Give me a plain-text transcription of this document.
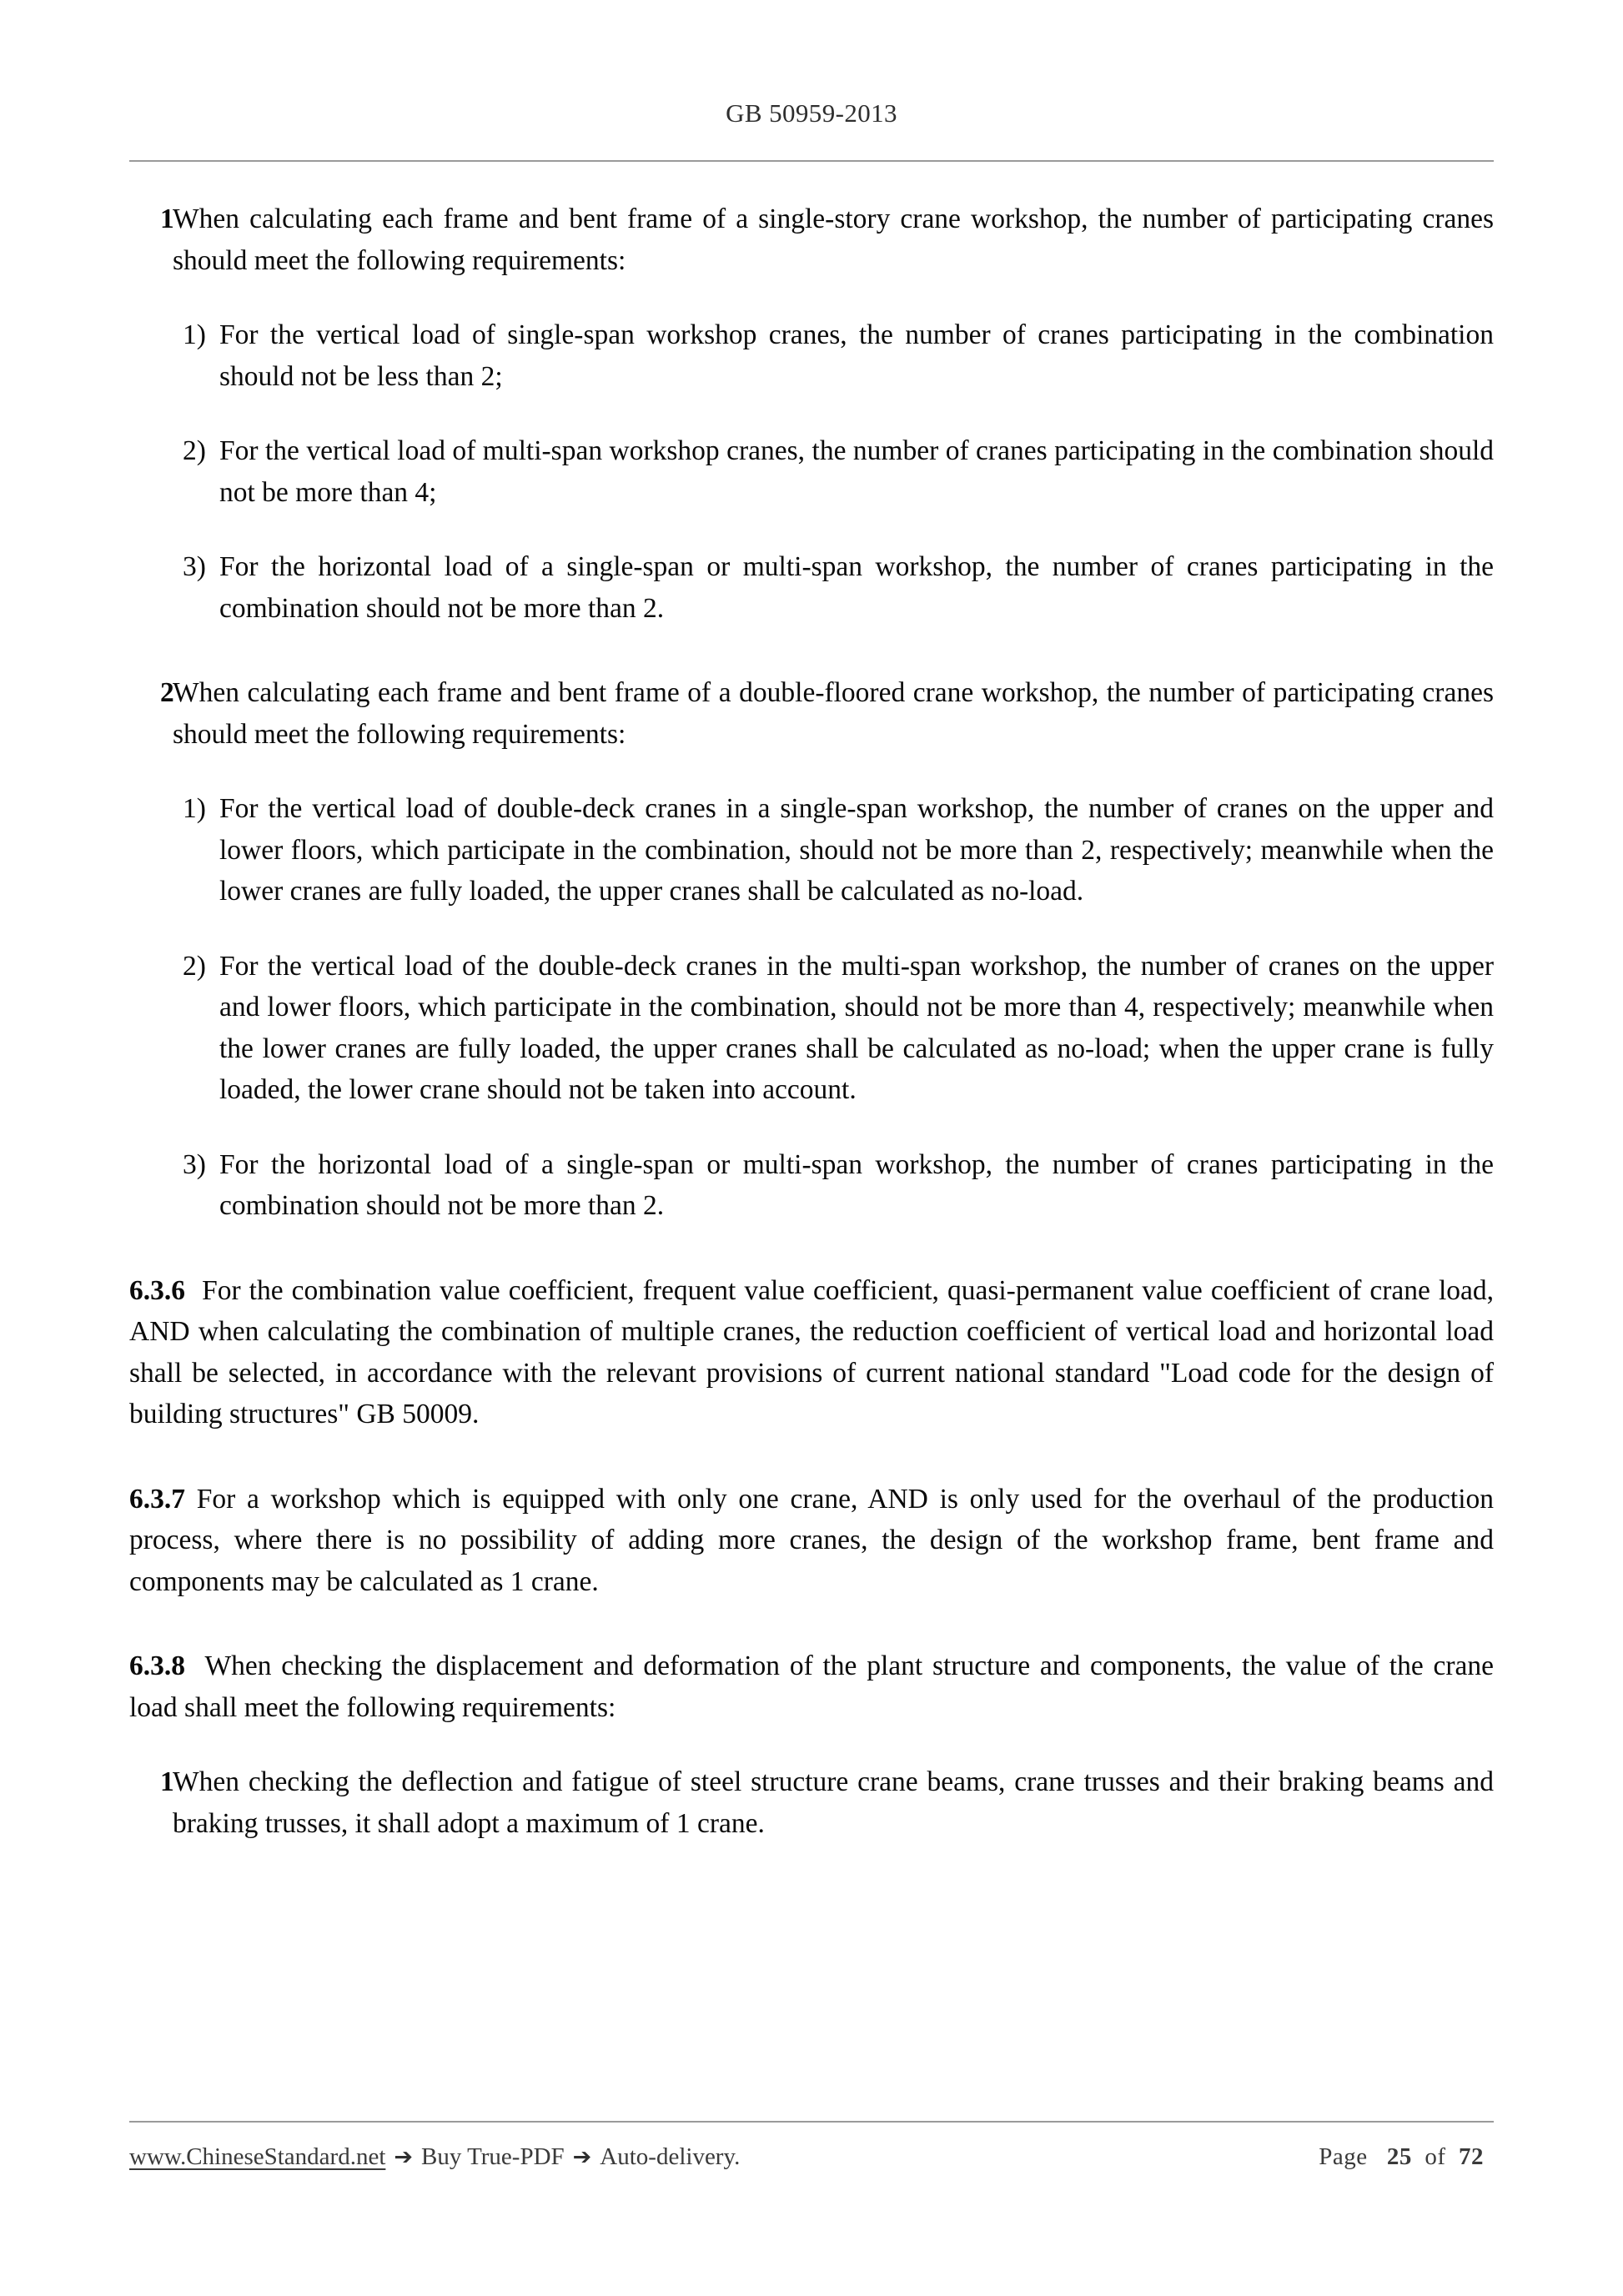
GB 50959-2013
1
When calculating each frame and bent frame of a single-story crane workshop, the number of participating cranes should meet the following requirements:
1) For the vertical load of single-span workshop cranes, the number of cranes participating in the combination should not be less than 2;
2) For the vertical load of multi-span workshop cranes, the number of cranes participating in the combination should not be more than 4;
3) For the horizontal load of a single-span or multi-span workshop, the number of cranes participating in the combination should not be more than 2.
2
When calculating each frame and bent frame of a double-floored crane workshop, the number of participating cranes should meet the following requirements:
1) For the vertical load of double-deck cranes in a single-span workshop, the number of cranes on the upper and lower floors, which participate in the combination, should not be more than 2, respectively; meanwhile when the lower cranes are fully loaded, the upper cranes shall be calculated as no-load.
2) For the vertical load of the double-deck cranes in the multi-span workshop, the number of cranes on the upper and lower floors, which participate in the combination, should not be more than 4, respectively; meanwhile when the lower cranes are fully loaded, the upper cranes shall be calculated as no-load; when the upper crane is fully loaded, the lower crane should not be taken into account.
3) For the horizontal load of a single-span or multi-span workshop, the number of cranes participating in the combination should not be more than 2.

6.3.6 For the combination value coefficient, frequent value coefficient, quasi-permanent value coefficient of crane load, AND when calculating the combination of multiple cranes, the reduction coefficient of vertical load and horizontal load shall be selected, in accordance with the relevant provisions of current national standard "Load code for the design of building structures" GB 50009.

6.3.7 For a workshop which is equipped with only one crane, AND is only used for the overhaul of the production process, where there is no possibility of adding more cranes, the design of the workshop frame, bent frame and components may be calculated as 1 crane.

6.3.8 When checking the displacement and deformation of the plant structure and components, the value of the crane load shall meet the following requirements:

1
When checking the deflection and fatigue of steel structure crane beams, crane trusses and their braking beams and braking trusses, it shall adopt a maximum of 1 crane.
www.ChineseStandard.net ➔ Buy True-PDF ➔ Auto-delivery.	Page 25 of 72
